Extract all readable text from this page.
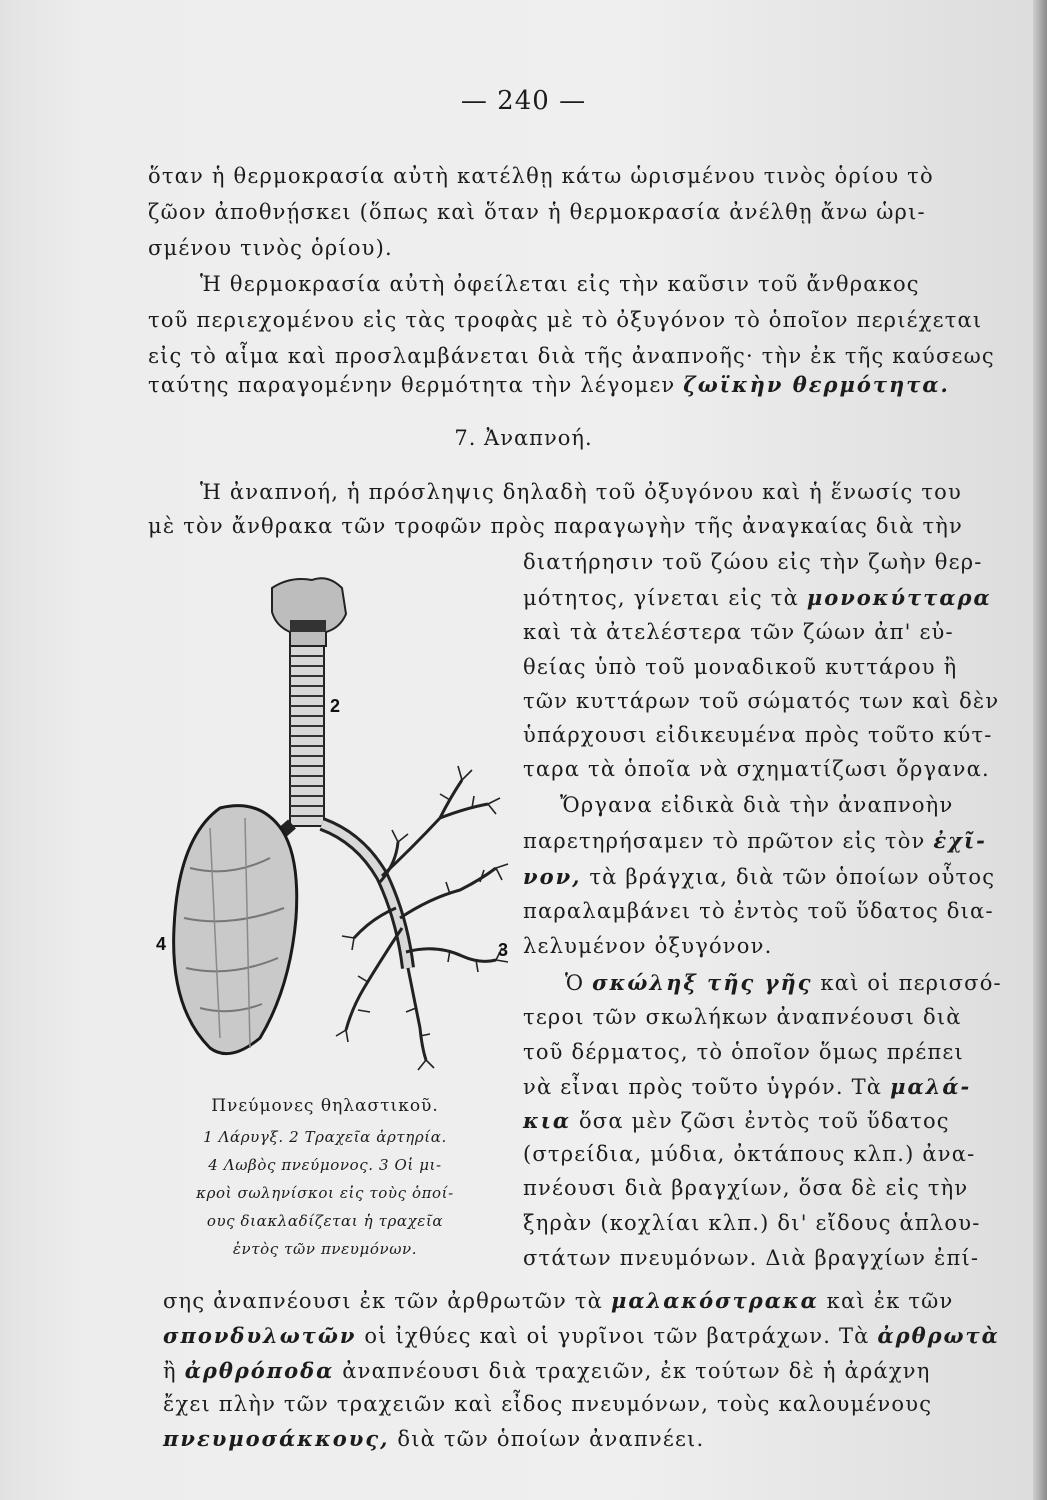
— 240 —
ὅταν ἡ θερμοκρασία αὐτὴ κατέλθῃ κάτω ὡρισμένου τινὸς ὁρίου τὸ
ζῶον ἀποθνῄσκει (ὅπως καὶ ὅταν ἡ θερμοκρασία ἀνέλθῃ ἄνω ὡρι-
σμένου τινὸς ὁρίου).
Ἡ θερμοκρασία αὐτὴ ὀφείλεται εἰς τὴν καῦσιν τοῦ ἄνθρακος
τοῦ περιεχομένου εἰς τὰς τροφὰς μὲ τὸ ὀξυγόνον τὸ ὁποῖον περιέχεται
εἰς τὸ αἷμα καὶ προσλαμβάνεται διὰ τῆς ἀναπνοῆς· τὴν ἐκ τῆς καύσεως
ταύτης παραγομένην θερμότητα τὴν λέγομεν ζωϊκὴν θερμότητα.
7. Ἀναπνοή.
Ἡ ἀναπνοή, ἡ πρόσληψις δηλαδὴ τοῦ ὀξυγόνου καὶ ἡ ἕνωσίς του
μὲ τὸν ἄνθρακα τῶν τροφῶν πρὸς παραγωγὴν τῆς ἀναγκαίας διὰ τὴν
διατήρησιν τοῦ ζώου εἰς τὴν ζωὴν θερ-
μότητος, γίνεται εἰς τὰ μονοκύτταρα
καὶ τὰ ἀτελέστερα τῶν ζώων ἀπ' εὐ-
θείας ὑπὸ τοῦ μοναδικοῦ κυττάρου ἢ
τῶν κυττάρων τοῦ σώματός των καὶ δὲν
ὑπάρχουσι εἰδικευμένα πρὸς τοῦτο κύτ-
ταρα τὰ ὁποῖα νὰ σχηματίζωσι ὄργανα.
Ὄργανα εἰδικὰ διὰ τὴν ἀναπνοὴν
παρετηρήσαμεν τὸ πρῶτον εἰς τὸν ἐχῖ-
νον, τὰ βράγχια, διὰ τῶν ὁποίων οὗτος
παραλαμβάνει τὸ ἐντὸς τοῦ ὕδατος δια-
λελυμένον ὀξυγόνον.
Ὁ σκώληξ τῆς γῆς καὶ οἱ περισσό-
τεροι τῶν σκωλήκων ἀναπνέουσι διὰ
τοῦ δέρματος, τὸ ὁποῖον ὅμως πρέπει
νὰ εἶναι πρὸς τοῦτο ὑγρόν. Τὰ μαλά-
κια ὅσα μὲν ζῶσι ἐντὸς τοῦ ὕδατος
(στρείδια, μύδια, ὀκτάπους κλπ.) ἀνα-
πνέουσι διὰ βραγχίων, ὅσα δὲ εἰς τὴν
ξηρὰν (κοχλίαι κλπ.) δι' εἴδους ἁπλου-
στάτων πνευμόνων. Διὰ βραγχίων ἐπί-
σης ἀναπνέουσι ἐκ τῶν ἀρθρωτῶν τὰ μαλακόστρακα καὶ ἐκ τῶν
σπονδυλωτῶν οἱ ἰχθύες καὶ οἱ γυρῖνοι τῶν βατράχων. Τὰ ἀρθρωτὰ
ἢ ἀρθρόποδα ἀναπνέουσι διὰ τραχειῶν, ἐκ τούτων δὲ ἡ ἀράχνη
ἔχει πλὴν τῶν τραχειῶν καὶ εἶδος πνευμόνων, τοὺς καλουμένους
πνευμοσάκκους, διὰ τῶν ὁποίων ἀναπνέει.
2
3
4
Πνεύμονες θηλαστικοῦ.
1 Λάρυγξ. 2 Τραχεῖα ἀρτηρία.
4 Λωβὸς πνεύμονος. 3 Οἱ μι-
κροὶ σωληνίσκοι εἰς τοὺς ὁποί-
ους διακλαδίζεται ἡ τραχεῖα
ἐντὸς τῶν πνευμόνων.
